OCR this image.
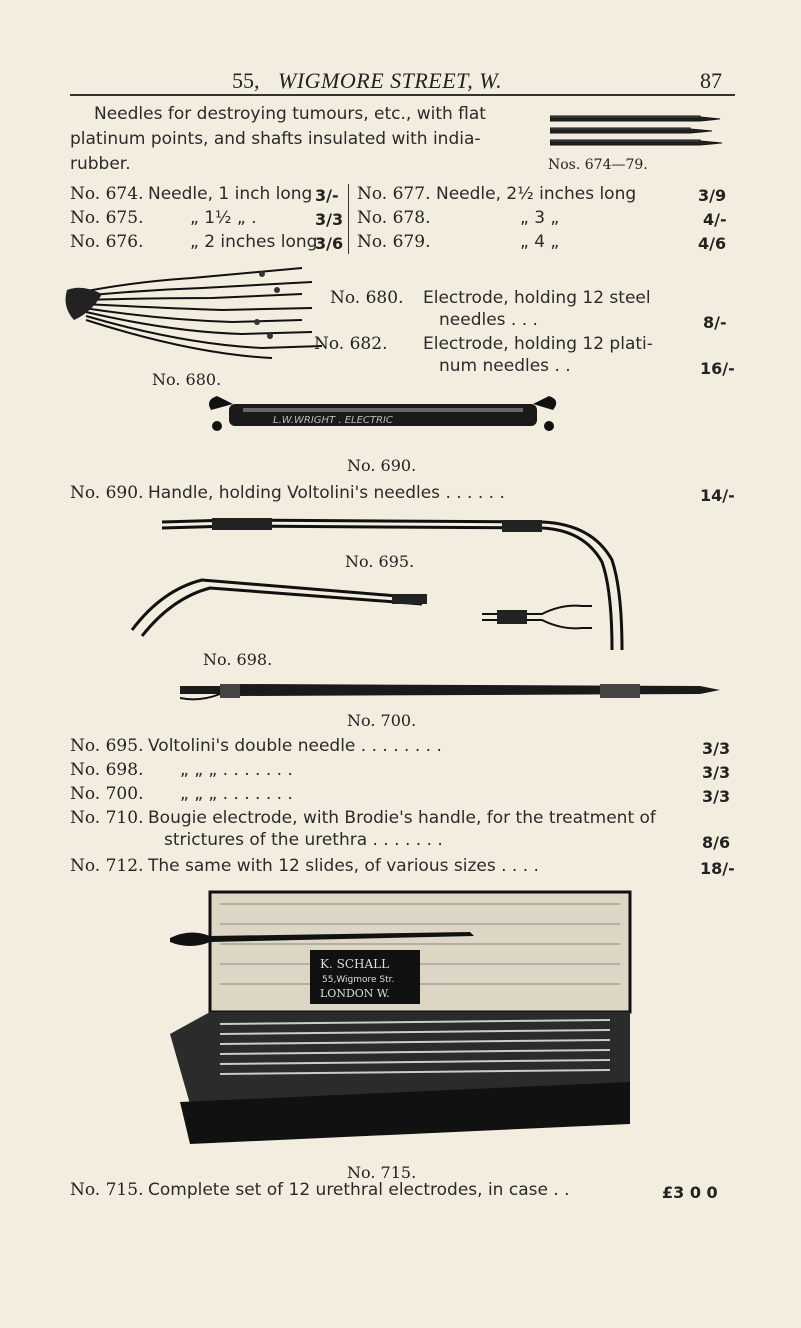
55, WIGMORE STREET, W.	87
Needles for destroying tumours, etc., with flat
platinum points, and shafts insulated with india-
rubber.	Nos. 674—79.
No. 674. Needle, 1 inch long 3/-
No. 675.	„ 1½ „ .	3/3
No. 676.	„ 2 inches long
3/6
No. 677. Needle, 2½ inches long	3/9
No. 678.	„ 3 „	4/-
No. 679.	„ 4 „	4/6
No. 680.
No. 680. Electrode, holding 12 steel
needles . . .	8/-
No. 682. Electrode, holding 12 plati-
num needles . .	16/-
L.W.WRIGHT . ELECTRIC
No. 690.
No. 690. Handle, holding Voltolini's needles . . . . . .	14/-
No. 695.
No. 698.
No. 700.
No. 695. Voltolini's double needle . . . . . . . .	3/3
No. 698. „ „ „ . . . . . . .	3/3
No. 700. „ „ „ . . . . . . .	3/3
No. 710. Bougie electrode, with Brodie's handle, for the treatment of
strictures of the urethra . . . . . . .	8/6
No. 712. The same with 12 slides, of various sizes . . . .	18/-
K. SCHALL
55,Wigmore Str.
LONDON W.
No. 715.
No. 715. Complete set of 12 urethral electrodes, in case . .	£3 0 0
